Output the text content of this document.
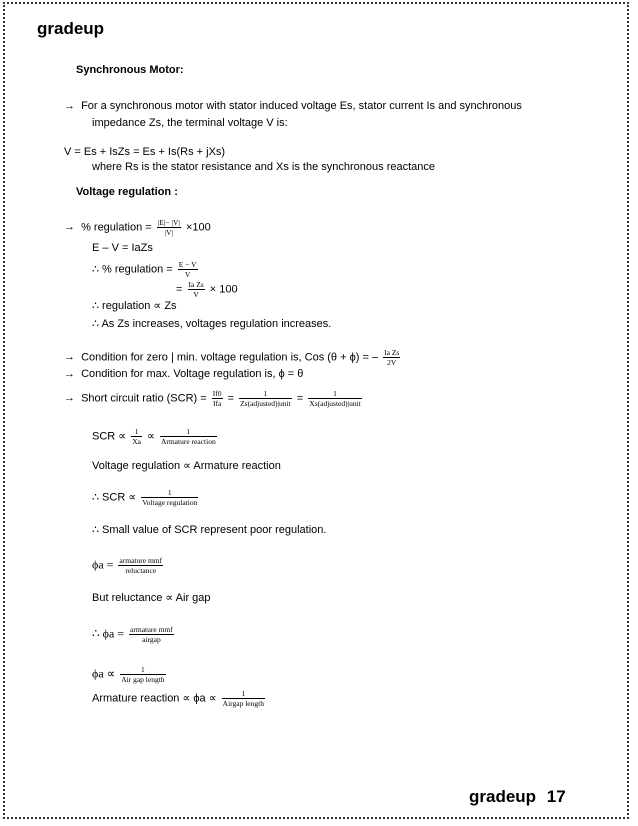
gradeup
Synchronous Motor:
→ For a synchronous motor with stator induced voltage Es, stator current Is and synchronous
impedance Zs, the terminal voltage V is:
V = Es + IsZs = Es + Is(Rs + jXs)
where Rs is the stator resistance and Xs is the synchronous reactance
Voltage regulation :
→ % regulation = $\frac{|E|- |V|}{|V|} \times 100$
E – V = IaZs
∴ % regulation = $\frac{E - V}{V}$
= $\frac{\text{Ia Zs}}{V} \times 100$
∴ regulation ∝ Zs
∴ As Zs increases, voltages regulation increases.
→ Condition for zero | min. voltage regulation is, Cos (θ + ϕ) = – $\frac{\text{Ia Zs}}{2V}$
→ Condition for max. Voltage regulation is, ϕ = θ
→ Short circuit ratio $(SCR) = \frac{If0}{\text{Ifa}} = \frac{1}{\text{Zs(adjusted)|unit}} = \frac{1}{\text{Xs(adjusted)|unit}}$
SCR ∝ $\frac{1}{Xa} \propto \frac{1}{\text{Armature reaction}}$
Voltage regulation ∝ Armature reaction
∴ SCR ∝ $\frac{1}{\text{Voltage regulation}}$
∴ Small value of SCR represent poor regulation.
$\phi a = \frac{\text{armature mmf}}{\text{reluctance}}$
But reluctance ∝ Air gap
∴ $\phi a = \frac{\text{armature mmf}}{\text{airgap}}$
$\phi a \propto \frac{1}{\text{Air gap length}}$
Armature reaction ∝ $\phi a \propto \frac{1}{\text{Airgap length}}$
gradeup 17
